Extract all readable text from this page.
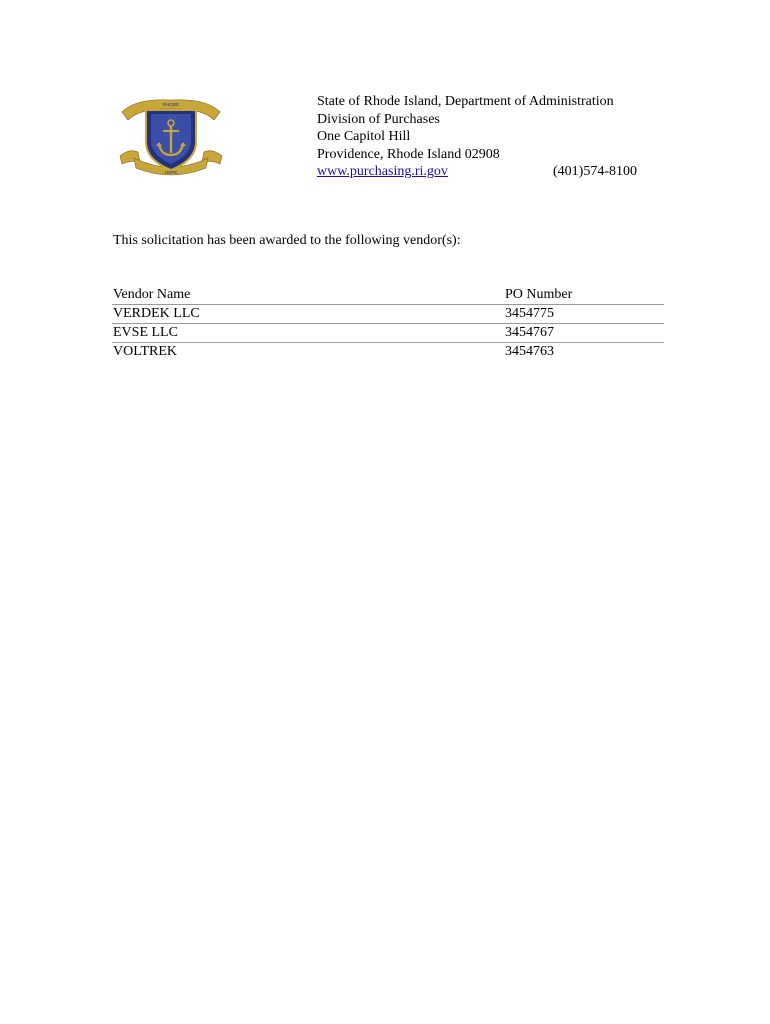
RHODE
HOPE
State of Rhode Island, Department of Administration
Division of Purchases
One Capitol Hill
Providence, Rhode Island 02908
www.purchasing.ri.gov	(401)574-8100
This solicitation has been awarded to the following vendor(s):
Vendor Name	PO Number
VERDEK LLC	3454775
EVSE LLC	3454767
VOLTREK	3454763
